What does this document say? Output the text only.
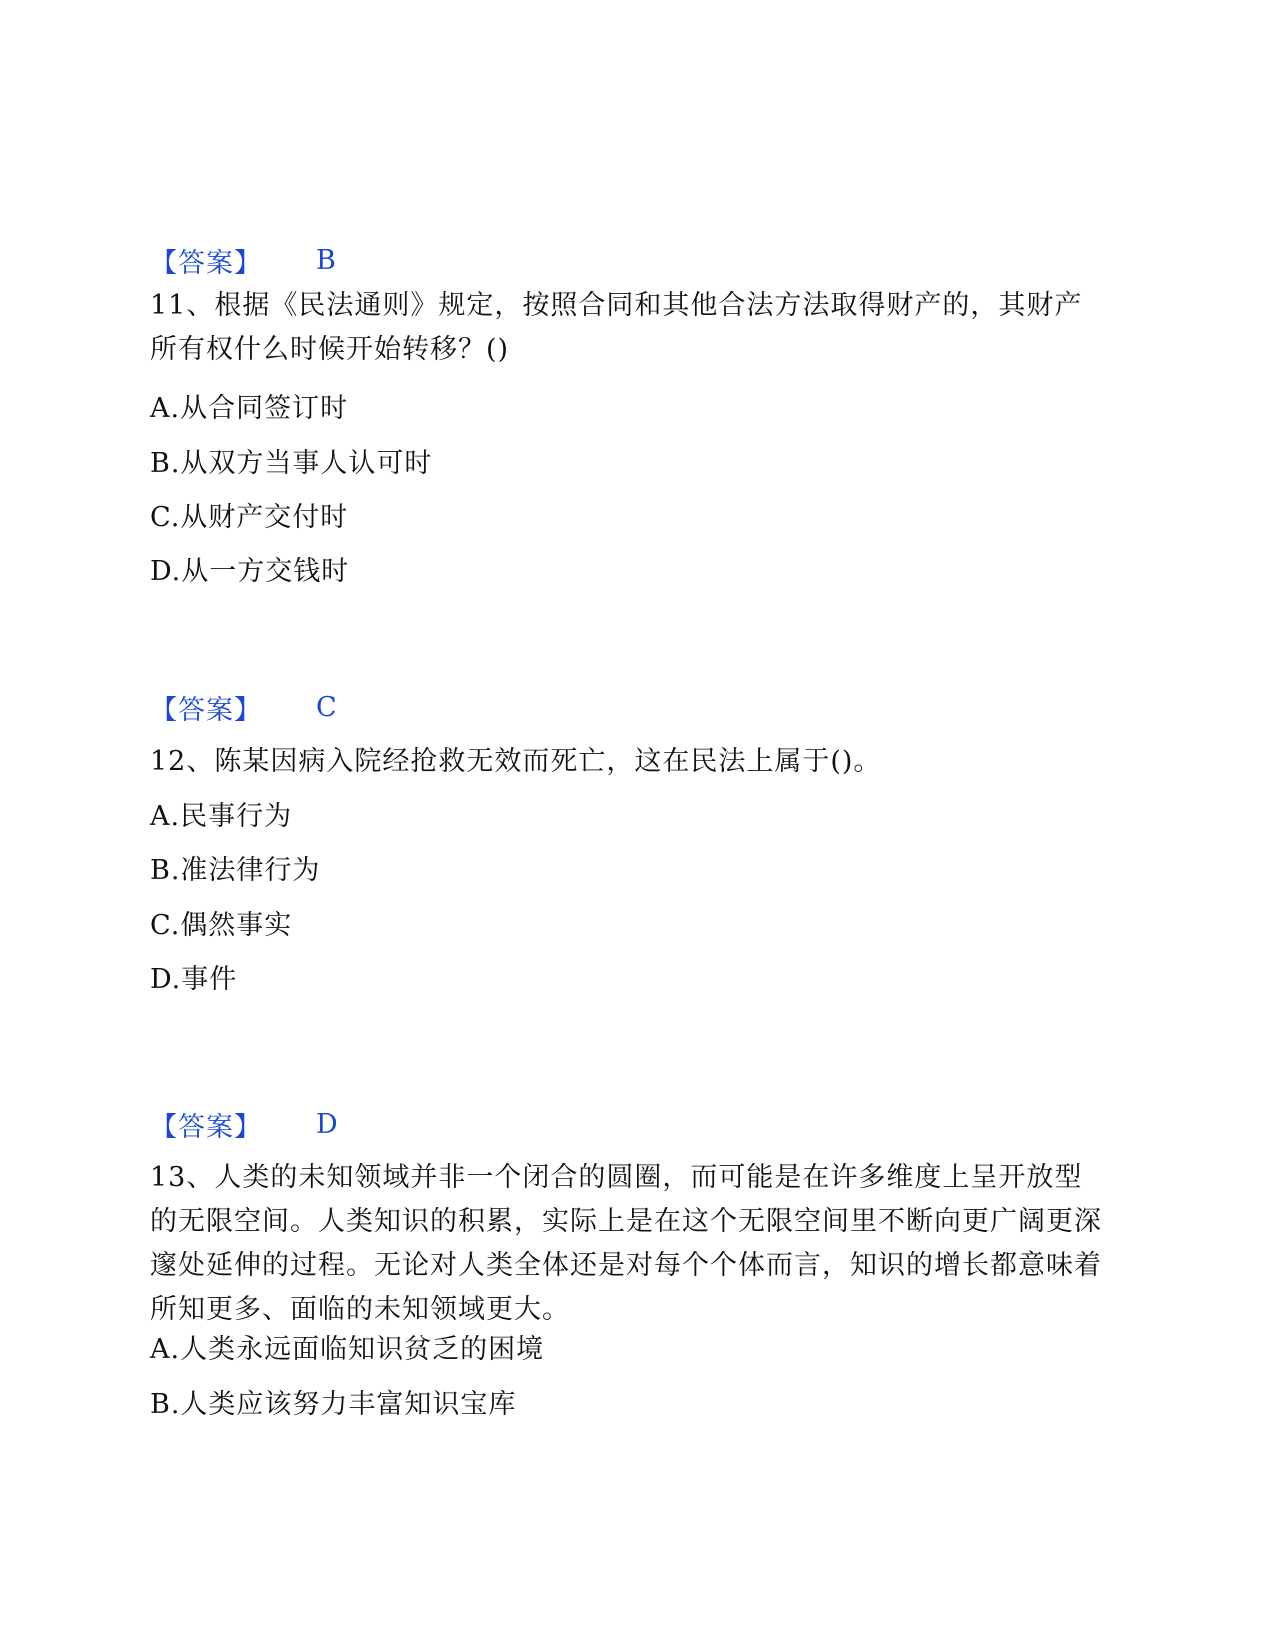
【答案】 B

11、根据《民法通则》规定，按照合同和其他合法方法取得财产的，其财产所有权什么时候开始转移？()

A.从合同签订时
B.从双方当事人认可时
C.从财产交付时
D.从一方交钱时
【答案】 C

12、陈某因病入院经抢救无效而死亡，这在民法上属于()。

A.民事行为
B.准法律行为
C.偶然事实
D.事件
【答案】 D

13、人类的未知领域并非一个闭合的圆圈，而可能是在许多维度上呈开放型的无限空间。人类知识的积累，实际上是在这个无限空间里不断向更广阔更深邃处延伸的过程。无论对人类全体还是对每个个体而言，知识的增长都意味着所知更多、面临的未知领域更大。

A.人类永远面临知识贫乏的困境
B.人类应该努力丰富知识宝库
